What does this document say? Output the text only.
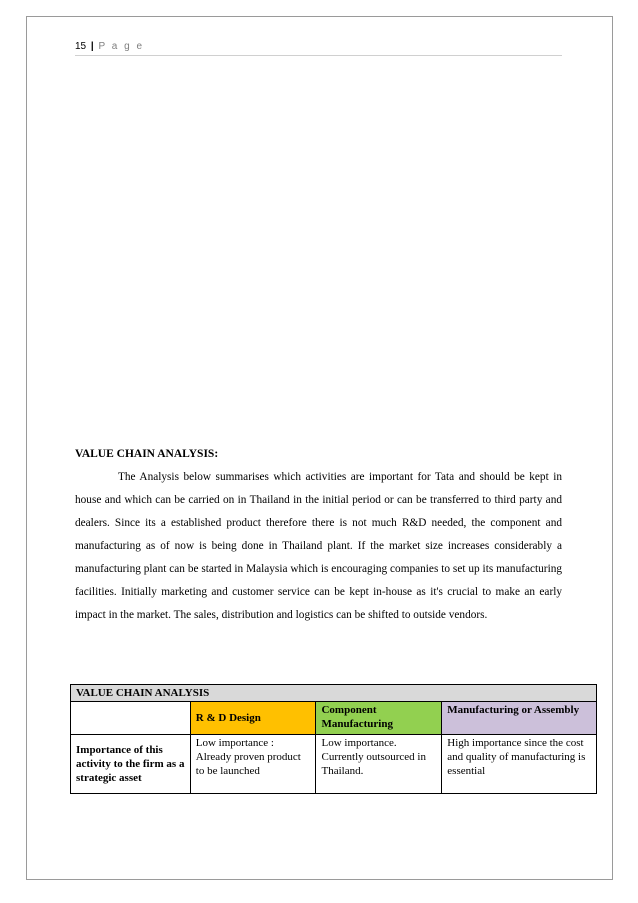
15 | P a g e
VALUE CHAIN ANALYSIS:
The Analysis below summarises which activities are important for Tata and should be kept in house and which can be carried on in Thailand in the initial period or can be transferred to third party and dealers. Since its a established product therefore there is not much R&D needed, the component and manufacturing as of now is being done in Thailand plant. If the market size increases considerably a manufacturing plant can be started in Malaysia which is encouraging companies to set up its manufacturing facilities. Initially marketing and customer service can be kept in-house as it's crucial to make an early impact in the market. The sales, distribution and logistics can be shifted to outside vendors.
VALUE CHAIN ANALYSIS			
	R & D Design	Component Manufacturing	Manufacturing or Assembly
Importance of this activity to the firm as a strategic asset	Low importance : Already proven product to be launched	Low importance. Currently outsourced in Thailand.	High importance since the cost and quality of manufacturing is essential
